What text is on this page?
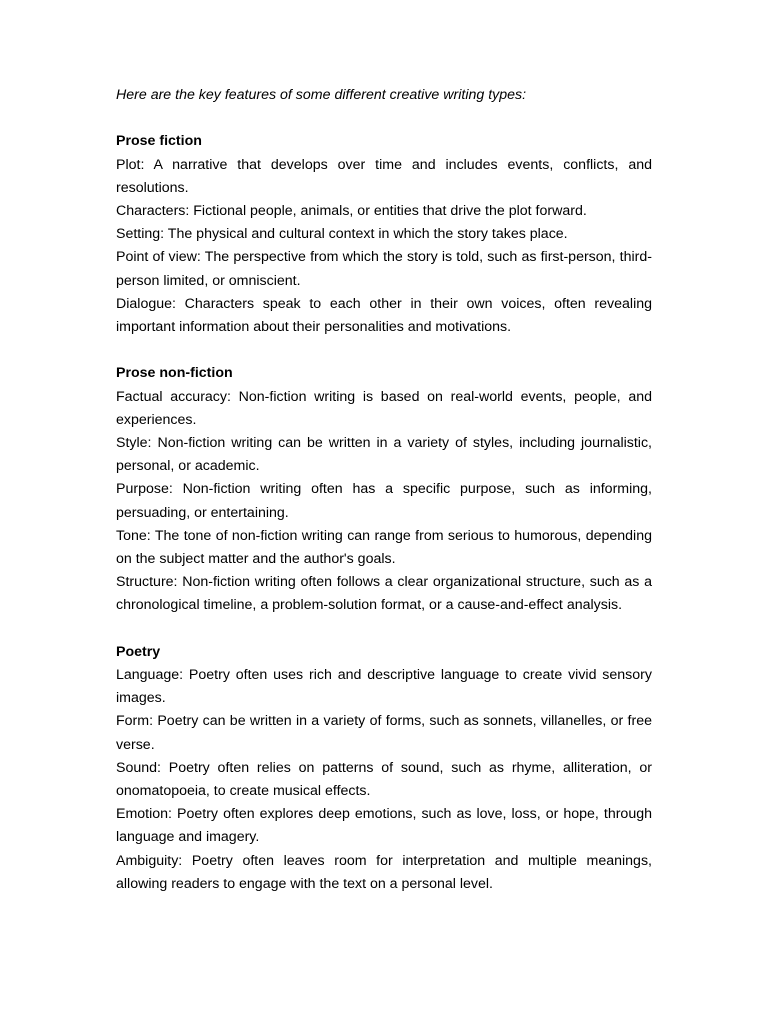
Here are the key features of some different creative writing types:

Prose fiction

Plot: A narrative that develops over time and includes events, conflicts, and resolutions.

Characters: Fictional people, animals, or entities that drive the plot forward.

Setting: The physical and cultural context in which the story takes place.

Point of view: The perspective from which the story is told, such as first-person, third-person limited, or omniscient.

Dialogue: Characters speak to each other in their own voices, often revealing important information about their personalities and motivations.

Prose non-fiction

Factual accuracy: Non-fiction writing is based on real-world events, people, and experiences.

Style: Non-fiction writing can be written in a variety of styles, including journalistic, personal, or academic.

Purpose: Non-fiction writing often has a specific purpose, such as informing, persuading, or entertaining.

Tone: The tone of non-fiction writing can range from serious to humorous, depending on the subject matter and the author's goals.

Structure: Non-fiction writing often follows a clear organizational structure, such as a chronological timeline, a problem-solution format, or a cause-and-effect analysis.

Poetry

Language: Poetry often uses rich and descriptive language to create vivid sensory images.

Form: Poetry can be written in a variety of forms, such as sonnets, villanelles, or free verse.

Sound: Poetry often relies on patterns of sound, such as rhyme, alliteration, or onomatopoeia, to create musical effects.

Emotion: Poetry often explores deep emotions, such as love, loss, or hope, through language and imagery.

Ambiguity: Poetry often leaves room for interpretation and multiple meanings, allowing readers to engage with the text on a personal level.
